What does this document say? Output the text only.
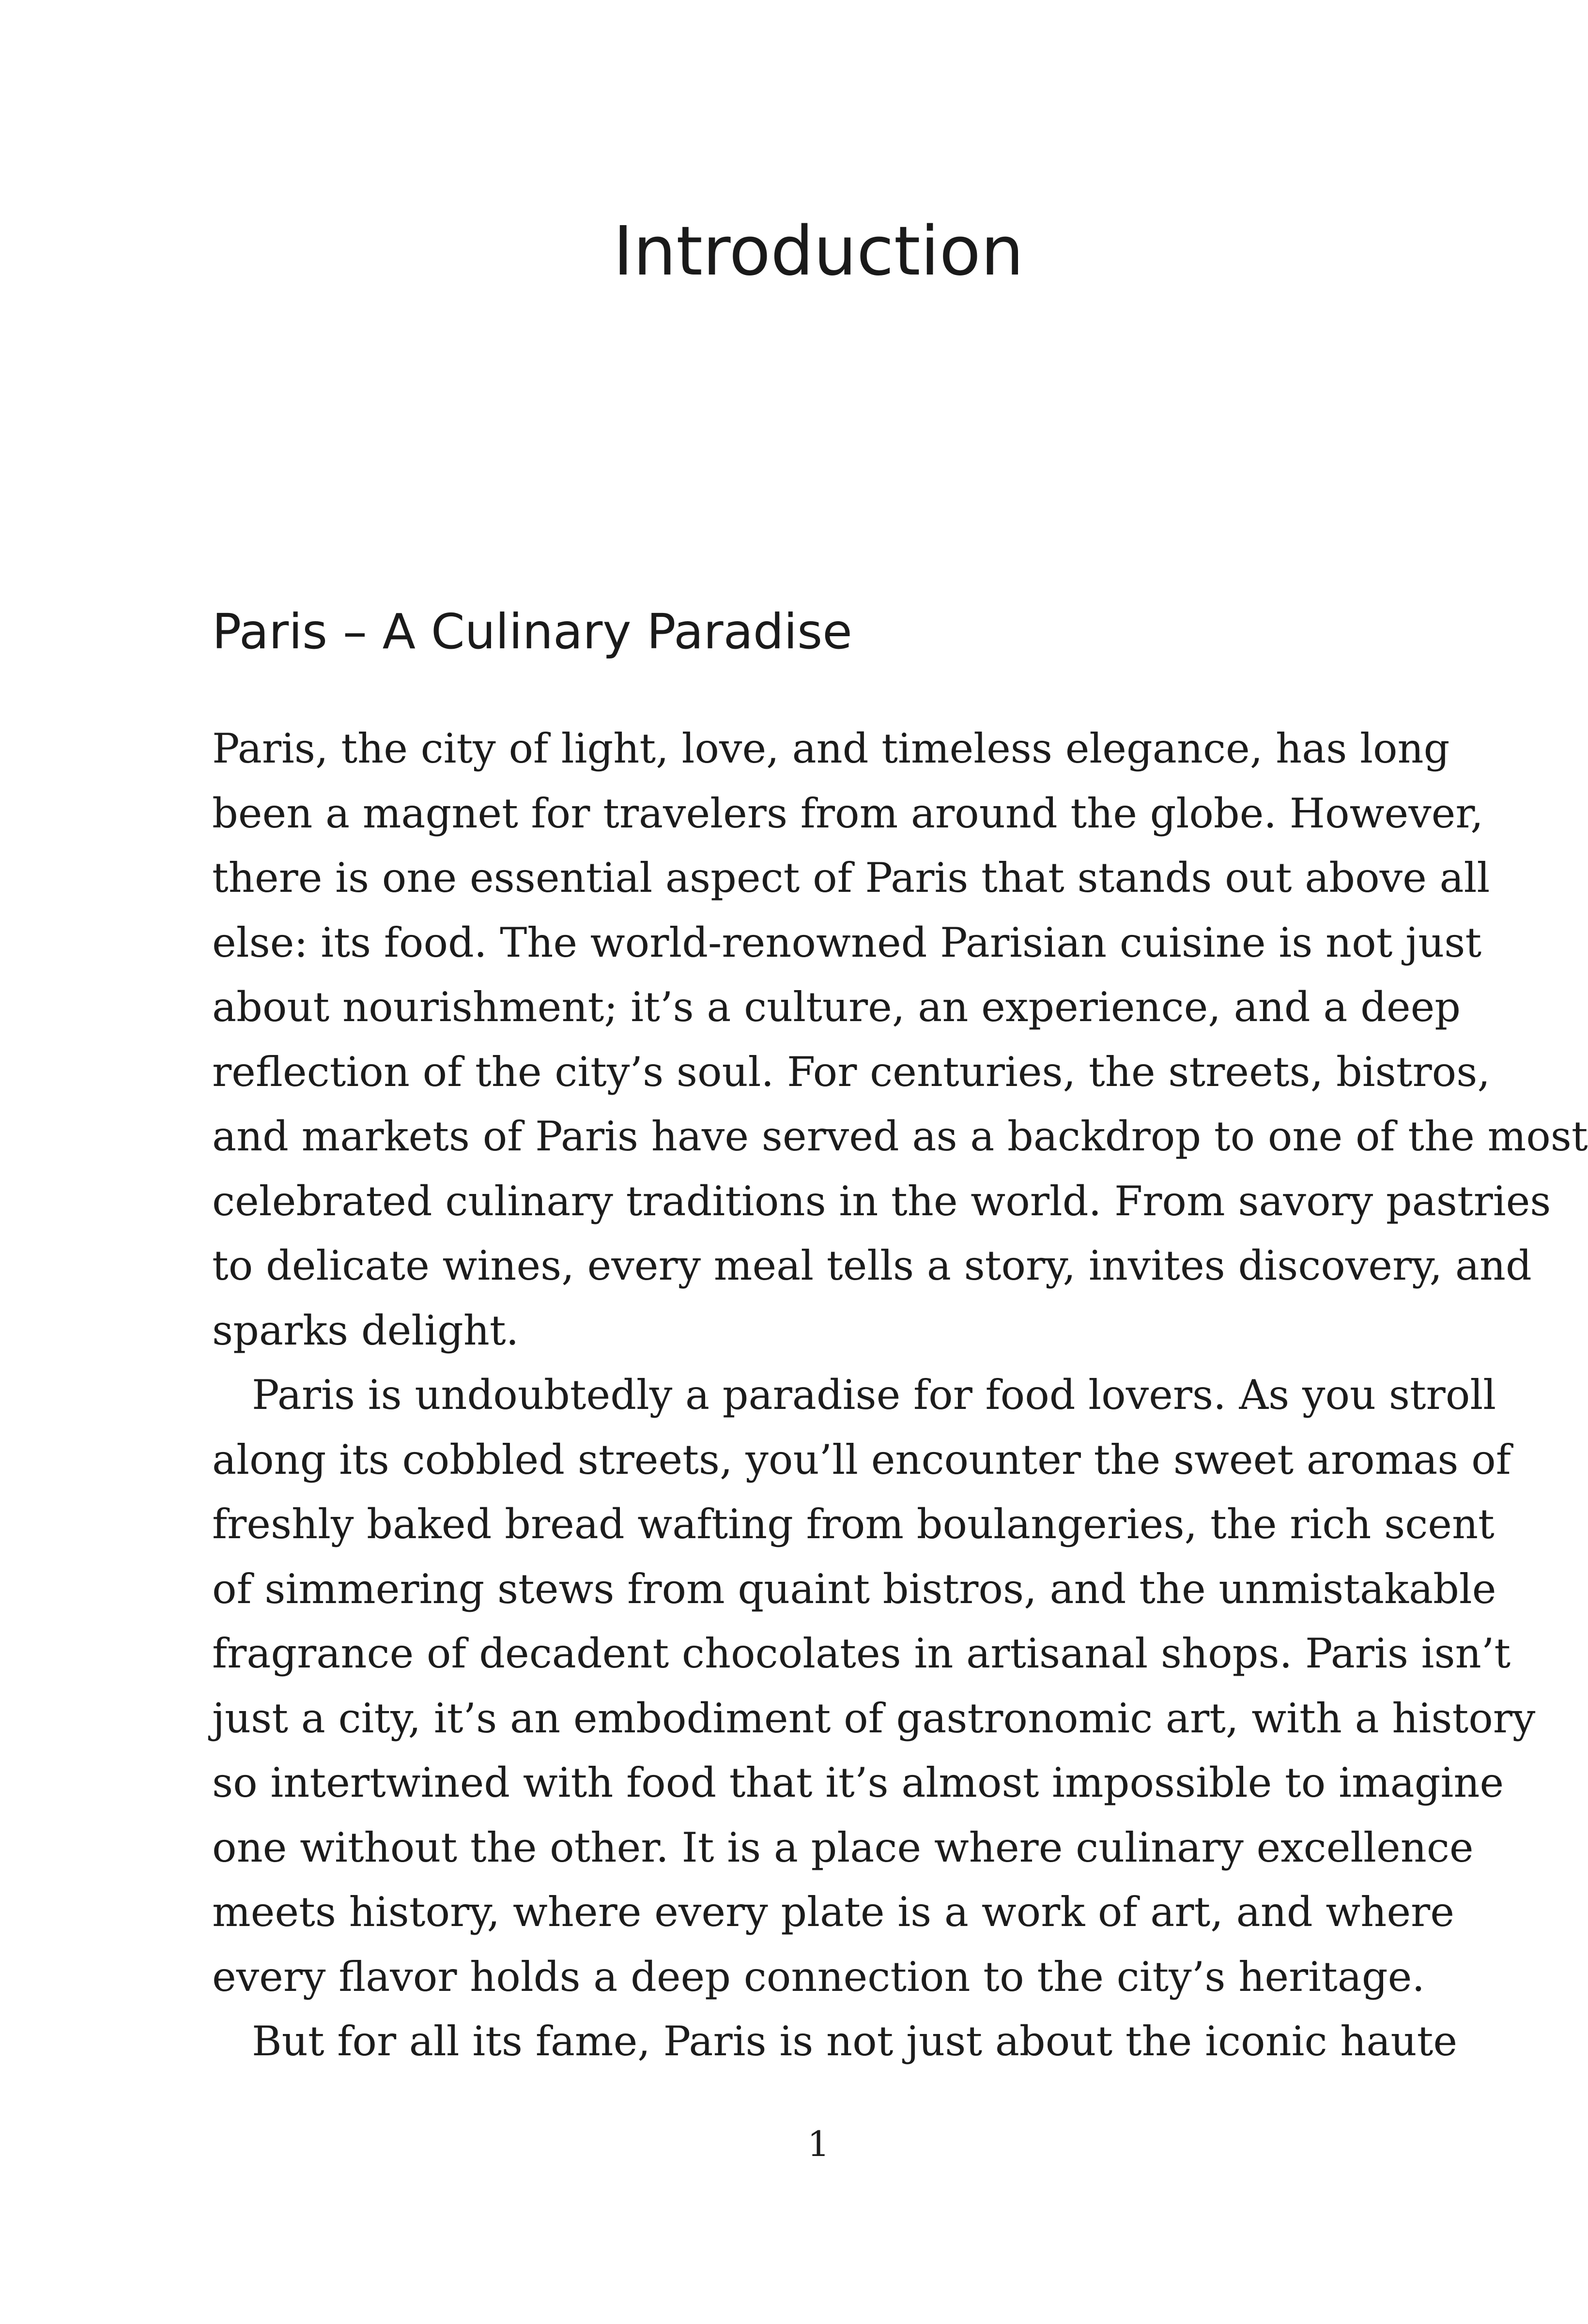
Introduction
Paris – A Culinary Paradise

Paris, the city of light, love, and timeless elegance, has long
been a magnet for travelers from around the globe. However,
there is one essential aspect of Paris that stands out above all
else: its food. The world-renowned Parisian cuisine is not just
about nourishment; it’s a culture, an experience, and a deep
reflection of the city’s soul. For centuries, the streets, bistros,
and markets of Paris have served as a backdrop to one of the most
celebrated culinary traditions in the world. From savory pastries
to delicate wines, every meal tells a story, invites discovery, and
sparks delight.

Paris is undoubtedly a paradise for food lovers. As you stroll
along its cobbled streets, you’ll encounter the sweet aromas of
freshly baked bread wafting from boulangeries, the rich scent
of simmering stews from quaint bistros, and the unmistakable
fragrance of decadent chocolates in artisanal shops. Paris isn’t
just a city, it’s an embodiment of gastronomic art, with a history
so intertwined with food that it’s almost impossible to imagine
one without the other. It is a place where culinary excellence
meets history, where every plate is a work of art, and where
every flavor holds a deep connection to the city’s heritage.

But for all its fame, Paris is not just about the iconic haute

1
